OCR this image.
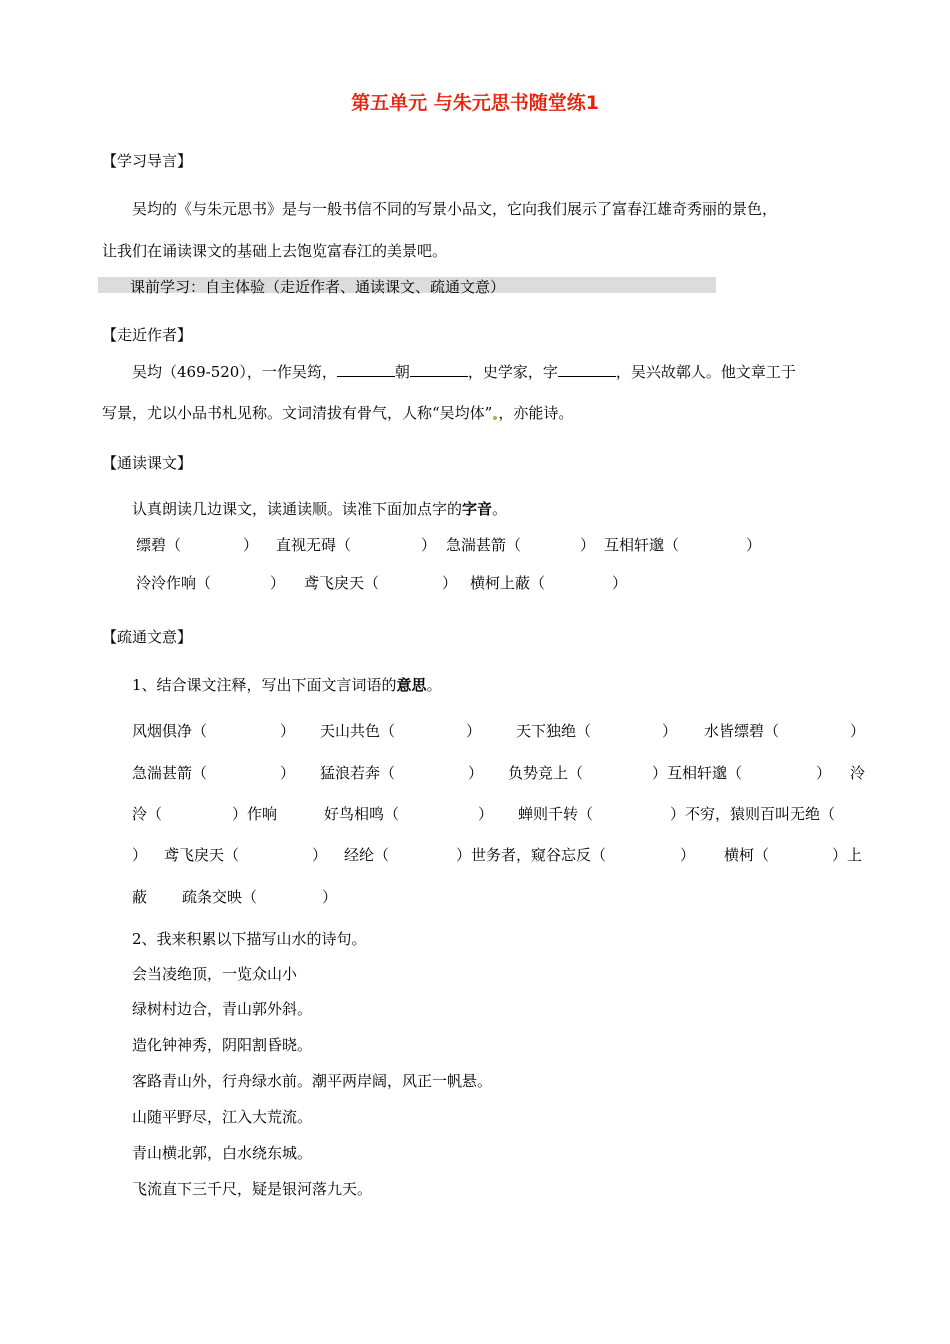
第五单元 与朱元思书随堂练1
【学习导言】
吴均的《与朱元思书》是与一般书信不同的写景小品文，它向我们展示了富春江雄奇秀丽的景色，
让我们在诵读课文的基础上去饱览富春江的美景吧。
课前学习：自主体验（走近作者、通读课文、疏通文意）
【走近作者】
吴均（469-520），一作吴筠，	朝	，史学家，字	，吴兴故鄣人。他文章工于
写景，尤以小品书札见称。文词清拔有骨气，人称“吴均体” ，亦能诗。
【通读课文】
认真朗读几边课文，读通读顺。读准下面加点字的字音。
缥碧（	） 直视无碍（	） 急湍甚箭（	） 互相轩邈（	）
泠泠作响（	） 鸢飞戾天（	） 横柯上蔽（	）
【疏通文意】
1、结合课文注释，写出下面文言词语的意思。
风烟俱净（	） 天山共色（	） 天下独绝（	） 水皆缥碧（	）
急湍甚箭（	） 猛浪若奔（	） 负势竞上（	）互相轩邈（	） 泠
泠（	）作响	好鸟相鸣（	） 蝉则千转（	）不穷，猿则百叫无绝（
） 鸢飞戾天（	） 经纶（	）世务者，窥谷忘反（	） 横柯（	）上
蔽 疏条交映（	）
2、我来积累以下描写山水的诗句。
会当凌绝顶，一览众山小
绿树村边合，青山郭外斜。
造化钟神秀，阴阳割昏晓。
客路青山外，行舟绿水前。潮平两岸阔，风正一帆悬。
山随平野尽，江入大荒流。
青山横北郭，白水绕东城。
飞流直下三千尺，疑是银河落九天。
